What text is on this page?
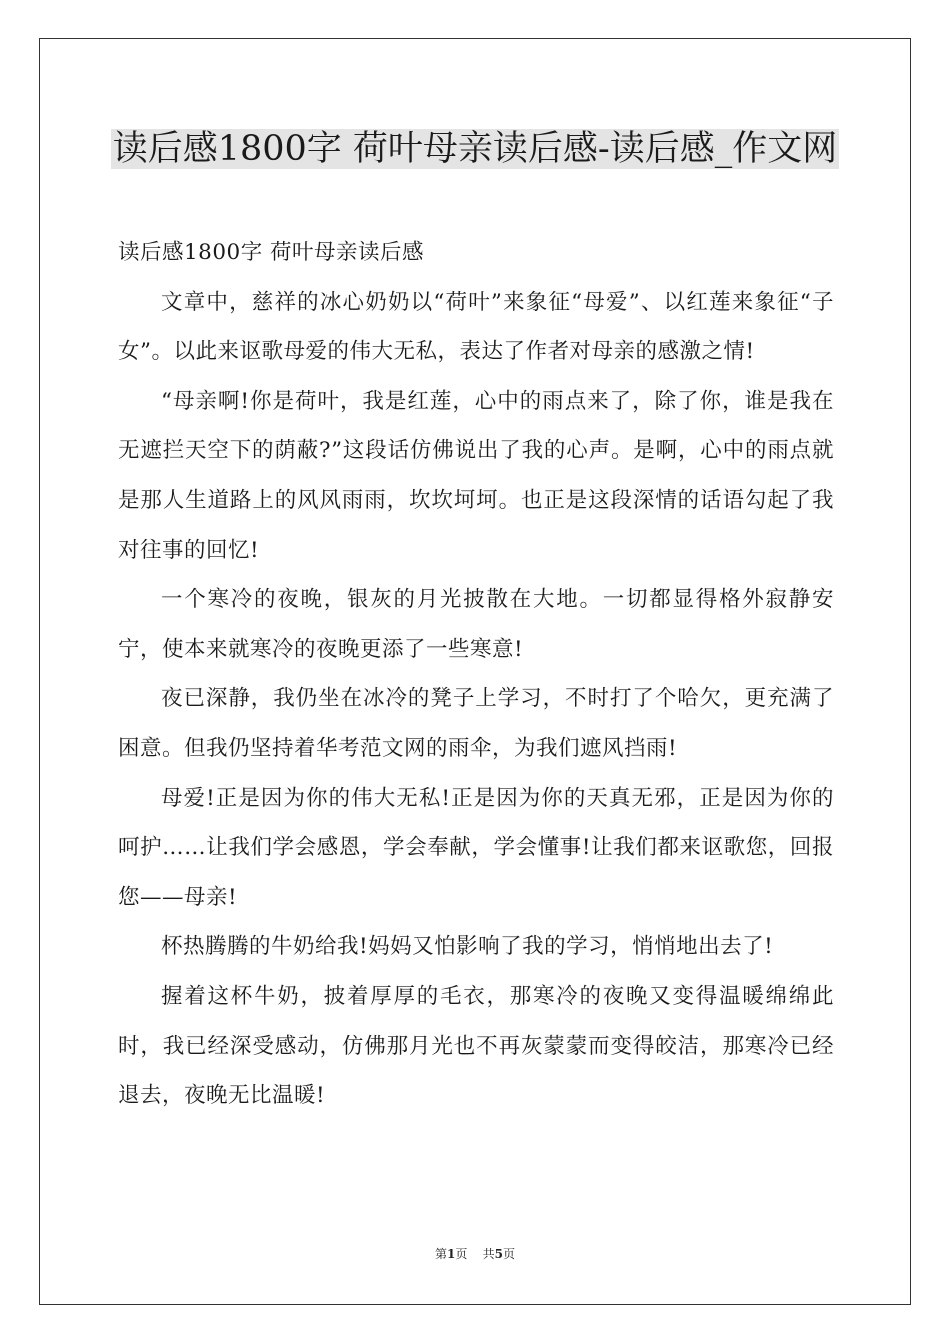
读后感1800字 荷叶母亲读后感-读后感_作文网

读后感1800字 荷叶母亲读后感

文章中，慈祥的冰心奶奶以“荷叶”来象征“母爱”、以红莲来象征“子女”。以此来讴歌母爱的伟大无私，表达了作者对母亲的感激之情!

“母亲啊!你是荷叶，我是红莲，心中的雨点来了，除了你，谁是我在无遮拦天空下的荫蔽?”这段话仿佛说出了我的心声。是啊，心中的雨点就是那人生道路上的风风雨雨，坎坎坷坷。也正是这段深情的话语勾起了我对往事的回忆!

一个寒冷的夜晚，银灰的月光披散在大地。一切都显得格外寂静安宁，使本来就寒冷的夜晚更添了一些寒意!

夜已深静，我仍坐在冰冷的凳子上学习，不时打了个哈欠，更充满了困意。但我仍坚持着华考范文网的雨伞，为我们遮风挡雨!

母爱!正是因为你的伟大无私!正是因为你的天真无邪，正是因为你的呵护……让我们学会感恩，学会奉献，学会懂事!让我们都来讴歌您，回报您——母亲!

杯热腾腾的牛奶给我!妈妈又怕影响了我的学习，悄悄地出去了!

握着这杯牛奶，披着厚厚的毛衣，那寒冷的夜晚又变得温暖绵绵此时，我已经深受感动，仿佛那月光也不再灰蒙蒙而变得皎洁，那寒冷已经退去，夜晚无比温暖!

第1页 共5页
